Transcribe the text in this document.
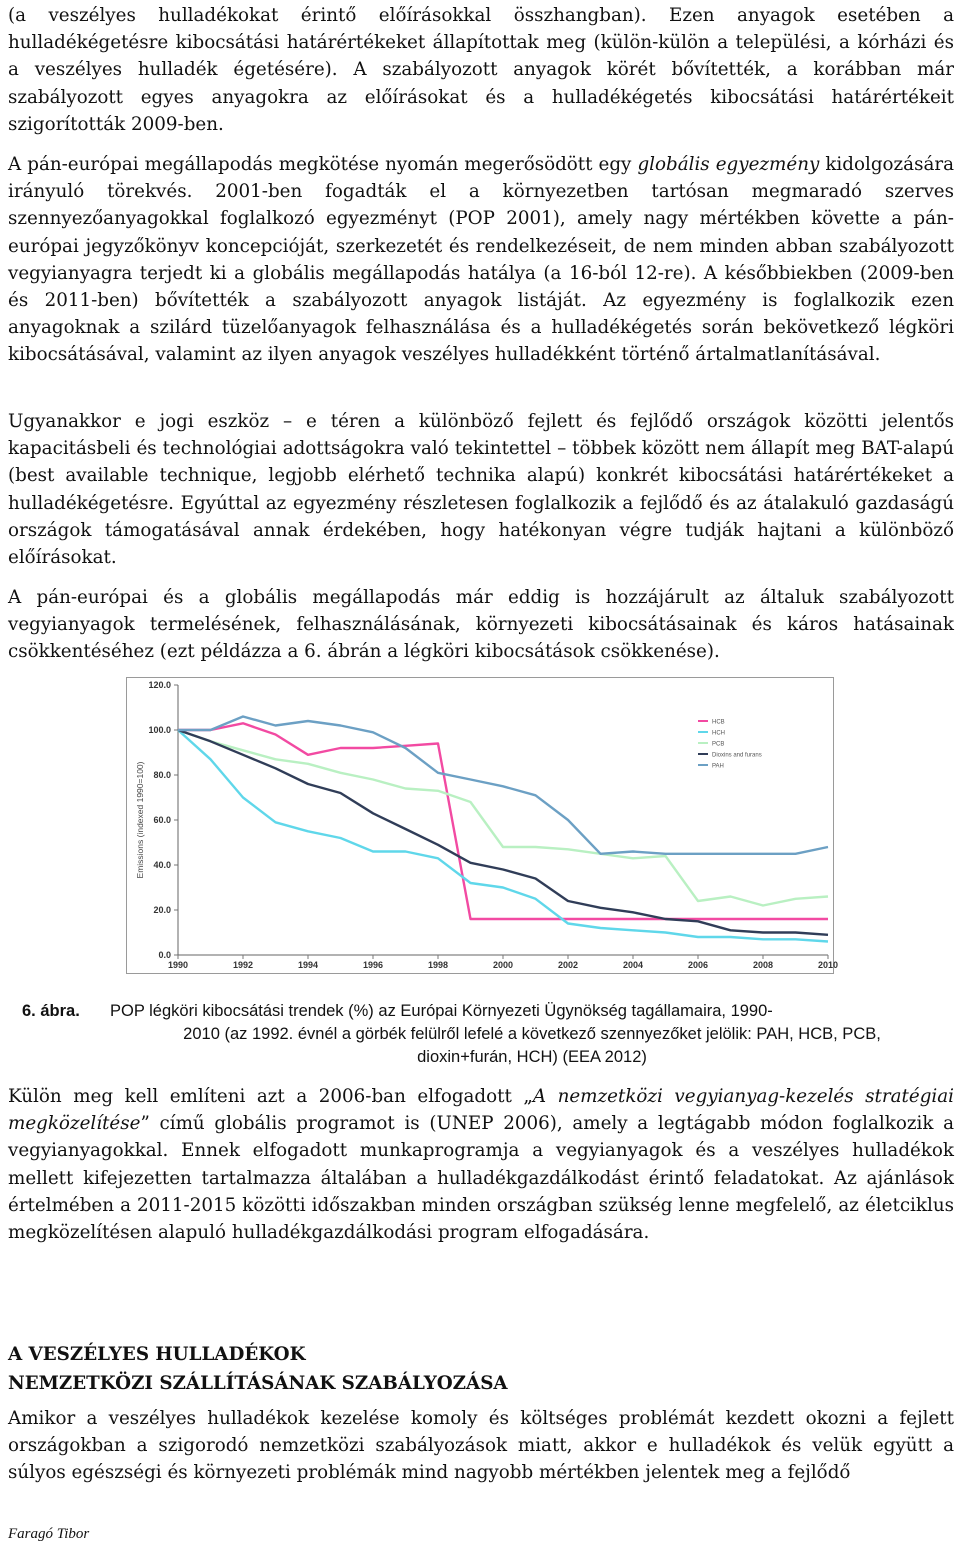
(a veszélyes hulladékokat érintő előírásokkal összhangban). Ezen anyagok esetében a hulladékégetésre kibocsátási határértékeket állapítottak meg (külön-külön a települési, a kórházi és a veszélyes hulladék égetésére). A szabályozott anyagok körét bővítették, a korábban már szabályozott egyes anyagokra az előírásokat és a hulladékégetés kibocsátási határértékeit szigorították 2009-ben.

A pán-európai megállapodás megkötése nyomán megerősödött egy globális egyezmény kidolgozására irányuló törekvés. 2001-ben fogadták el a környezetben tartósan megmaradó szerves szennyezőanyagokkal foglalkozó egyezményt (POP 2001), amely nagy mértékben követte a pán-európai jegyzőkönyv koncepcióját, szerkezetét és rendelkezéseit, de nem minden abban szabályozott vegyianyagra terjedt ki a globális megállapodás hatálya (a 16-ból 12-re). A későbbiekben (2009-ben és 2011-ben) bővítették a szabályozott anyagok listáját. Az egyezmény is foglalkozik ezen anyagoknak a szilárd tüzelőanyagok felhasználása és a hulladékégetés során bekövetkező légköri kibocsátásával, valamint az ilyen anyagok veszélyes hulladékként történő ártalmatlanításával.

Ugyanakkor e jogi eszköz – e téren a különböző fejlett és fejlődő országok közötti jelentős kapacitásbeli és technológiai adottságokra való tekintettel – többek között nem állapít meg BAT-alapú (best available technique, legjobb elérhető technika alapú) konkrét kibocsátási határértékeket a hulladékégetésre. Egyúttal az egyezmény részletesen foglalkozik a fejlődő és az átalakuló gazdaságú országok támogatásával annak érdekében, hogy hatékonyan végre tudják hajtani a különböző előírásokat.

A pán-európai és a globális megállapodás már eddig is hozzájárult az általuk szabályozott vegyianyagok termelésének, felhasználásának, környezeti kibocsátásainak és káros hatásainak csökkentéséhez (ezt példázza a 6. ábrán a légköri kibocsátások csökkenése).

0.0
20.0
40.0
60.0
80.0
100.0
120.0
1990	1992	1994	1996	1998	2000	2002	2004	2006	2008	2010
Emissions (indexed 1990=100)
HCB
HCH
PCB
Dioxins and furans
PAH
6. ábra.	POP légköri kibocsátási trendek (%) az Európai Környezeti Ügynökség tagállamaira, 1990-
2010 (az 1992. évnél a görbék felülről lefelé a következő szennyezőket jelölik: PAH, HCB, PCB,
dioxin+furán, HCH) (EEA 2012)

Külön meg kell említeni azt a 2006-ban elfogadott „A nemzetközi vegyianyag-kezelés stratégiai megközelítése” című globális programot is (UNEP 2006), amely a legtágabb módon foglalkozik a vegyianyagokkal. Ennek elfogadott munkaprogramja a vegyianyagok és a veszélyes hulladékok mellett kifejezetten tartalmazza általában a hulladékgazdálkodást érintő feladatokat. Az ajánlások értelmében a 2011-2015 közötti időszakban minden országban szükség lenne megfelelő, az életciklus megközelítésen alapuló hulladékgazdálkodási program elfogadására.

A VESZÉLYES HULLADÉKOK
NEMZETKÖZI SZÁLLÍTÁSÁNAK SZABÁLYOZÁSA

Amikor a veszélyes hulladékok kezelése komoly és költséges problémát kezdett okozni a fejlett országokban a szigorodó nemzetközi szabályozások miatt, akkor e hulladékok és velük együtt a súlyos egészségi és környezeti problémák mind nagyobb mértékben jelentek meg a fejlődő

Faragó Tibor
